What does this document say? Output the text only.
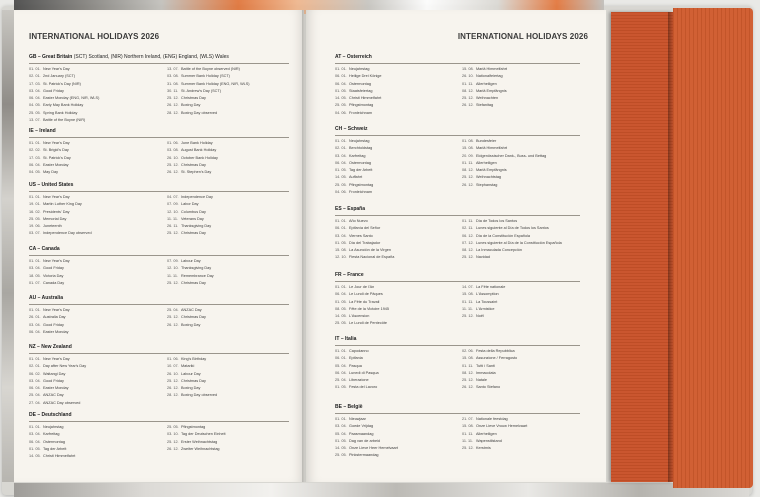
INTERNATIONAL HOLIDAYS 2026
GB – Great Britain (SCT) Scotland, (NIR) Northern Ireland, (ENG) England, (WLS) Wales
01. 01. New Year's Day
02. 01. 2nd January (SCT)
17. 03. St. Patrick's Day (NIR)
03. 04. Good Friday
06. 04. Easter Monday (ENG, NIR, WLS)
04. 05. Early May Bank Holiday
25. 05. Spring Bank Holiday
13. 07. Battle of the Boyne (NIR)
13. 07. Battle of the Boyne observed (NIR)
03. 08. Summer Bank Holiday (SCT)
31. 08. Summer Bank Holiday (ENG, NIR, WLS)
30. 11. St. Andrew's Day (SCT)
25. 12. Christmas Day
26. 12. Boxing Day
28. 12. Boxing Day observed
IE – Ireland
01. 01. New Year's Day
02. 02. St. Brigid's Day
17. 03. St. Patrick's Day
06. 04. Easter Monday
04. 05. May Day
01. 06. June Bank Holiday
03. 08. August Bank Holiday
26. 10. October Bank Holiday
25. 12. Christmas Day
26. 12. St. Stephen's Day
US – United States
01. 01. New Year's Day
19. 01. Martin Luther King Day
16. 02. Presidents' Day
25. 05. Memorial Day
19. 06. Juneteenth
03. 07. Independence Day observed
04. 07. Independence Day
07. 09. Labor Day
12. 10. Columbus Day
11. 11. Veterans Day
26. 11. Thanksgiving Day
25. 12. Christmas Day
CA – Canada
01. 01. New Year's Day
03. 04. Good Friday
18. 05. Victoria Day
01. 07. Canada Day
07. 09. Labour Day
12. 10. Thanksgiving Day
11. 11. Remembrance Day
25. 12. Christmas Day
AU – Australia
01. 01. New Year's Day
26. 01. Australia Day
03. 04. Good Friday
06. 04. Easter Monday
25. 04. ANZAC Day
25. 12. Christmas Day
26. 12. Boxing Day
NZ – New Zealand
01. 01. New Year's Day
02. 01. Day after New Year's Day
06. 02. Waitangi Day
03. 04. Good Friday
06. 04. Easter Monday
25. 04. ANZAC Day
27. 04. ANZAC Day observed
01. 06. King's Birthday
10. 07. Matariki
26. 10. Labour Day
25. 12. Christmas Day
26. 12. Boxing Day
28. 12. Boxing Day observed
DE – Deutschland
01. 01. Neujahrstag
03. 04. Karfreitag
06. 04. Ostermontag
01. 05. Tag der Arbeit
14. 05. Christi Himmelfahrt
25. 05. Pfingstmontag
03. 10. Tag der Deutschen Einheit
25. 12. Erster Weihnachtstag
26. 12. Zweiter Weihnachtstag
INTERNATIONAL HOLIDAYS 2026
AT – Österreich
01. 01. Neujahrstag
06. 01. Heilige Drei Könige
06. 04. Ostermontag
01. 05. Staatsfeiertag
14. 05. Christi Himmelfahrt
25. 05. Pfingstmontag
04. 06. Fronleichnam
15. 08. Mariä Himmelfahrt
26. 10. Nationalfeiertag
01. 11. Allerheiligen
08. 12. Mariä Empfängnis
25. 12. Weihnachten
26. 12. Stefanitag
CH – Schweiz
01. 01. Neujahrstag
02. 01. Berchtoldstag
03. 04. Karfreitag
06. 04. Ostermontag
01. 05. Tag der Arbeit
14. 05. Auffahrt
25. 05. Pfingstmontag
04. 06. Fronleichnam
01. 08. Bundesfeier
15. 08. Mariä Himmelfahrt
20. 09. Eidgenössischer Dank-, Buss- und Bettag
01. 11. Allerheiligen
08. 12. Mariä Empfängnis
25. 12. Weihnachtstag
26. 12. Stephanstag
ES – España
01. 01. Año Nuevo
06. 01. Epifanía del Señor
03. 04. Viernes Santo
01. 05. Día del Trabajador
15. 08. La Asunción de la Virgen
12. 10. Fiesta Nacional de España
01. 11. Día de Todos los Santos
02. 11. Lunes siguiente al Día de Todos los Santos
06. 12. Día de la Constitución Española
07. 12. Lunes siguiente al Día de la Constitución Española
08. 12. La Inmaculada Concepción
25. 12. Navidad
FR – France
01. 01. Le Jour de l'An
06. 04. Le Lundi de Pâques
01. 05. La Fête du Travail
08. 05. Fête de la Victoire 1945
14. 05. L'Ascension
25. 05. Le Lundi de Pentecôte
14. 07. La Fête nationale
15. 08. L'Assomption
01. 11. La Toussaint
11. 11. L'Armistice
25. 12. Noël
IT – Italia
01. 01. Capodanno
06. 01. Epifania
05. 04. Pasqua
06. 04. Lunedì di Pasqua
25. 04. Liberazione
01. 05. Festa del Lavoro
02. 06. Festa della Repubblica
15. 08. Assunzione / Ferragosto
01. 11. Tutti i Santi
08. 12. Immacolata
25. 12. Natale
26. 12. Santo Stefano
BE – België
01. 01. Nieuwjaar
03. 04. Goede Vrijdag
05. 04. Paasmaandag
01. 05. Dag van de arbeid
14. 05. Onze Lieve Heer Hemelvaart
25. 05. Pinkstermaandag
21. 07. Nationale feestdag
15. 08. Onze Lieve Vrouw Hemelvaart
01. 11. Allerheiligen
11. 11. Wapenstilstand
25. 12. Kerstmis
